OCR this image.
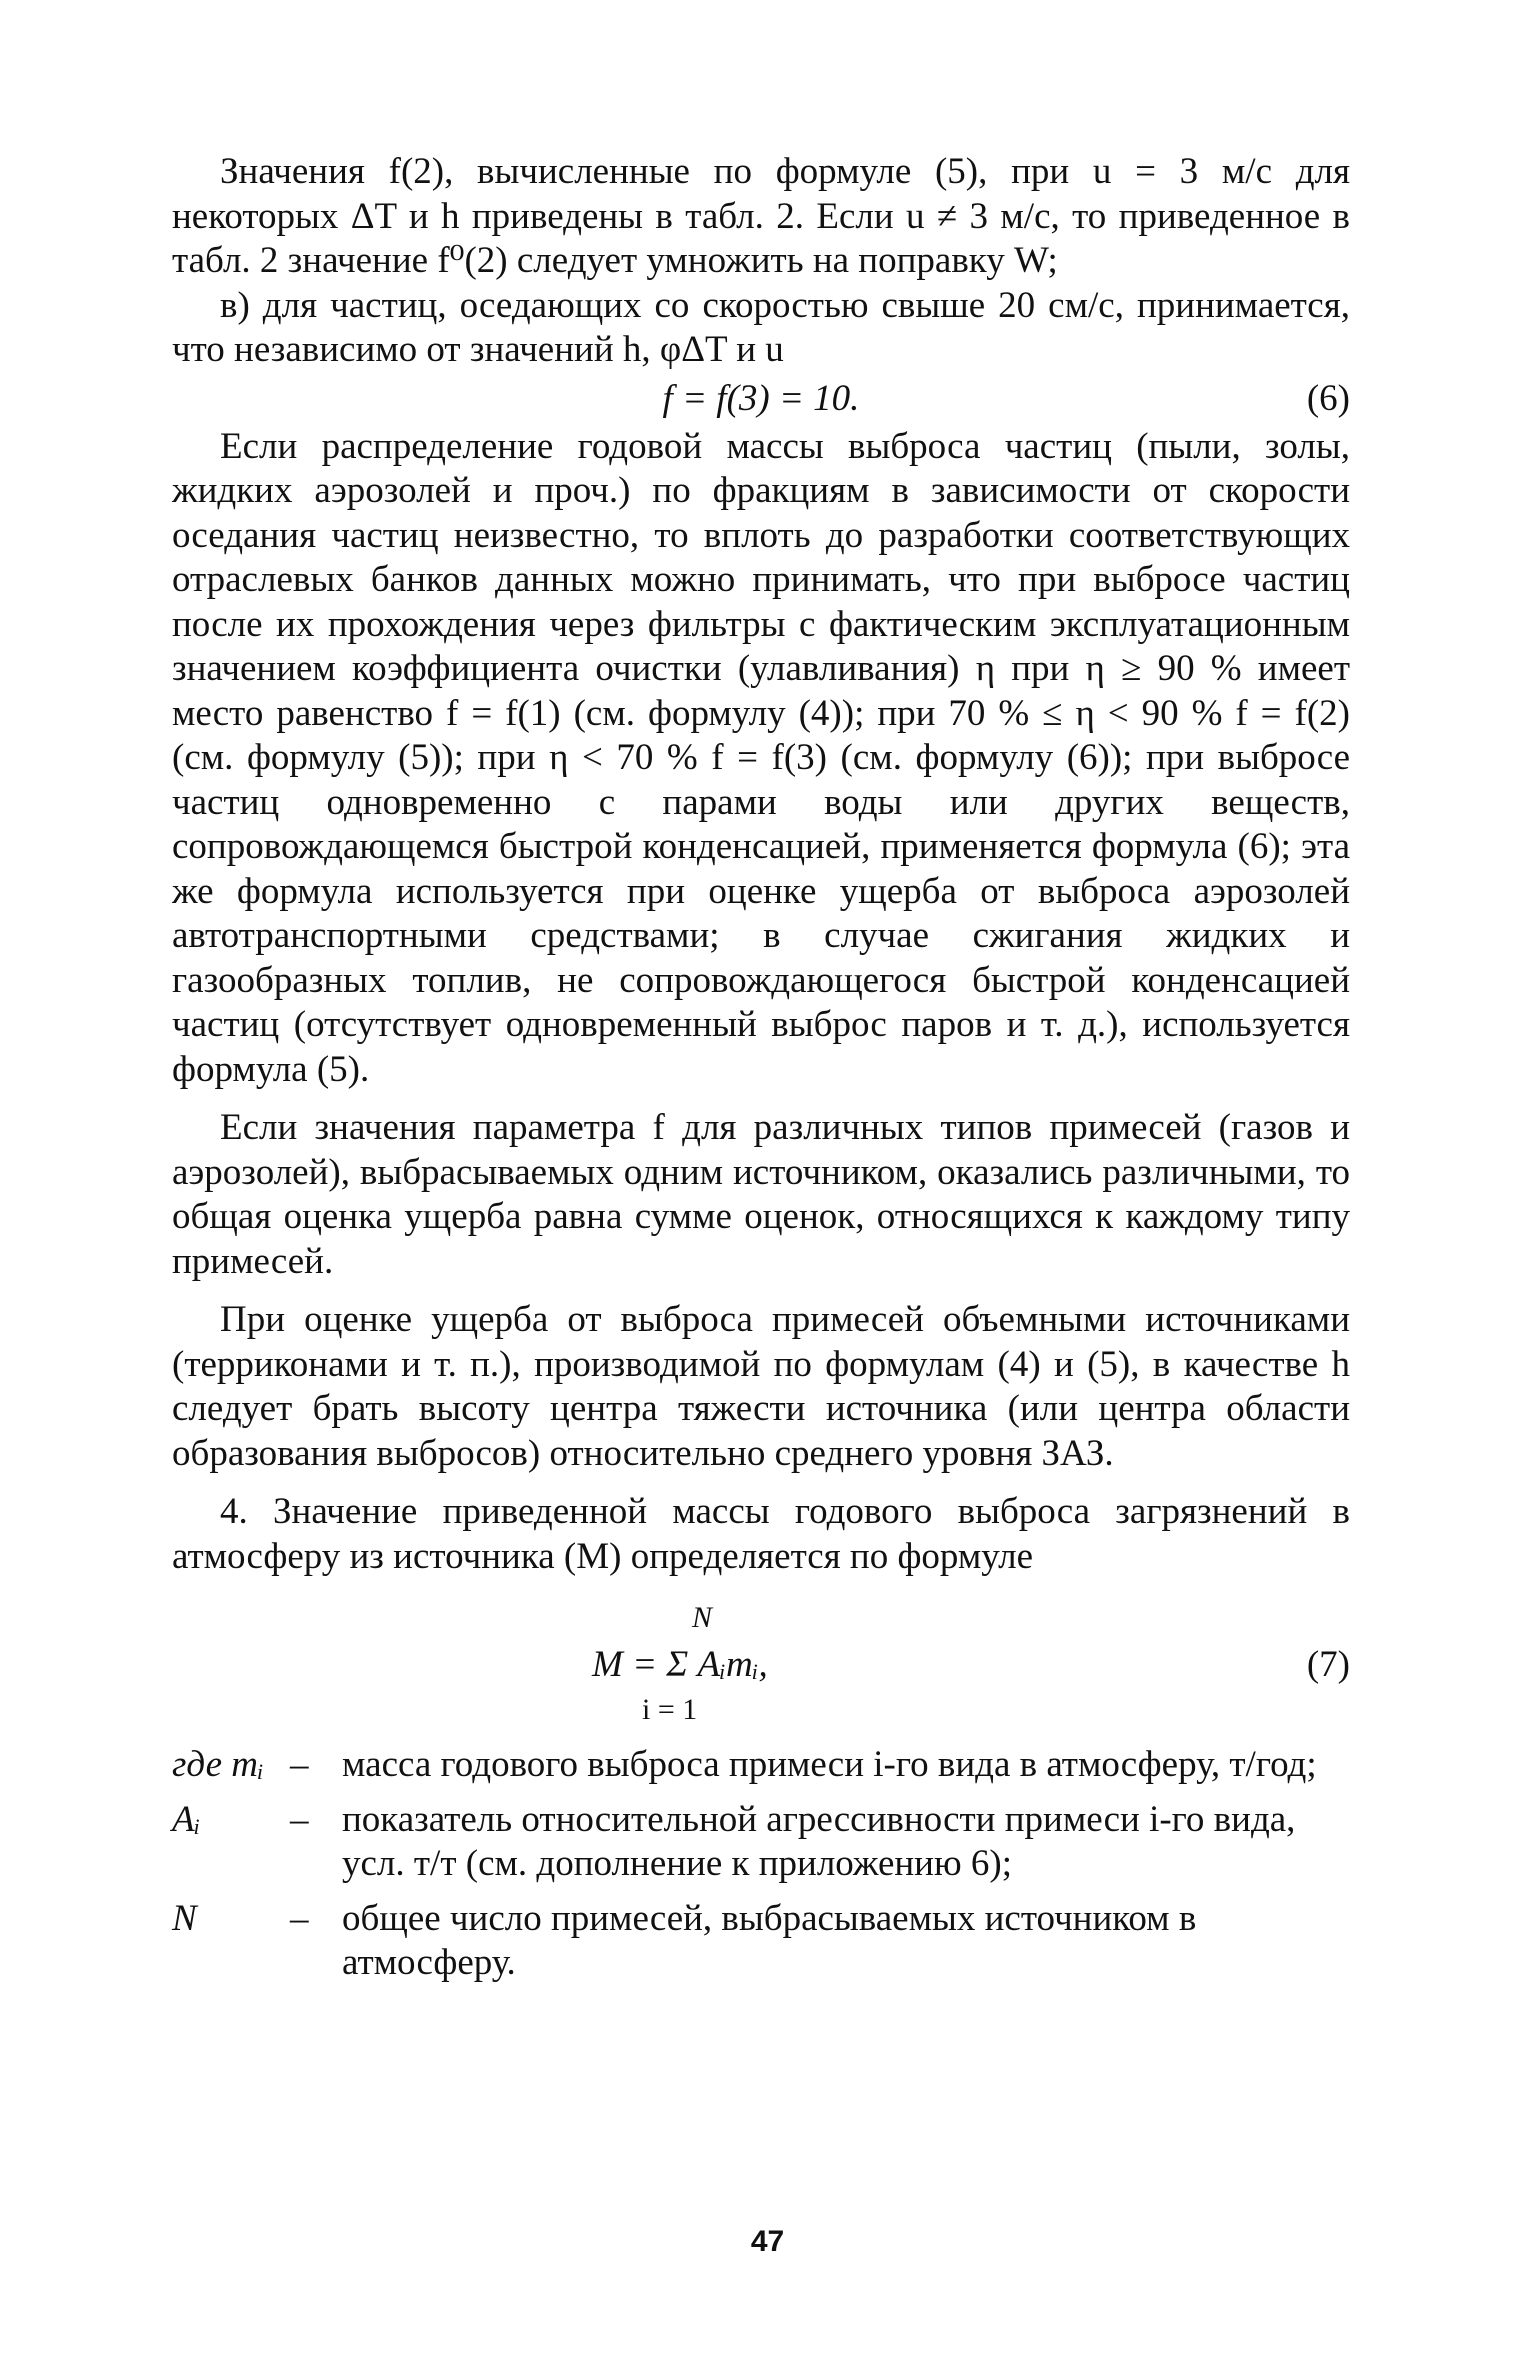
Значения f(2), вычисленные по формуле (5), при u = 3 м/с для некоторых ΔT и h приведены в табл. 2. Если u ≠ 3 м/с, то приведенное в табл. 2 значение f⁰(2) следует умножить на поправку W;

в) для частиц, оседающих со скоростью свыше 20 см/с, принимается, что независимо от значений h, φΔT и u

f = f(3) = 10.	(6)

Если распределение годовой массы выброса частиц (пыли, золы, жидких аэрозолей и проч.) по фракциям в зависимости от скорости оседания частиц неизвестно, то вплоть до разработки соответствующих отраслевых банков данных можно принимать, что при выбросе частиц после их прохождения через фильтры с фактическим эксплуатационным значением коэффициента очистки (улавливания) η при η ≥ 90 % имеет место равенство f = f(1) (см. формулу (4)); при 70 % ≤ η < 90 % f = f(2) (см. формулу (5)); при η < 70 % f = f(3) (см. формулу (6)); при выбросе частиц одновременно с парами воды или других веществ, сопровождающемся быстрой конденсацией, применяется формула (6); эта же формула используется при оценке ущерба от выброса аэрозолей автотранспортными средствами; в случае сжигания жидких и газообразных топлив, не сопровождающегося быстрой конденсацией частиц (отсутствует одновременный выброс паров и т. д.), используется формула (5).

Если значения параметра f для различных типов примесей (газов и аэрозолей), выбрасываемых одним источником, оказались различными, то общая оценка ущерба равна сумме оценок, относящихся к каждому типу примесей.

При оценке ущерба от выброса примесей объемными источниками (терриконами и т. п.), производимой по формулам (4) и (5), в качестве h следует брать высоту центра тяжести источника (или центра области образования выбросов) относительно среднего уровня ЗАЗ.

4. Значение приведенной массы годового выброса загрязнений в атмосферу из источника (M) определяется по формуле

N
M = Σ Aᵢmᵢ,
i = 1
(7)
где mᵢ – масса годового выброса примеси i-го вида в атмосферу, т/год;
Aᵢ	– показатель относительной агрессивности примеси i-го вида, усл. т/т (см. дополнение к приложению 6);
N	– общее число примесей, выбрасываемых источником в атмосферу.
47
